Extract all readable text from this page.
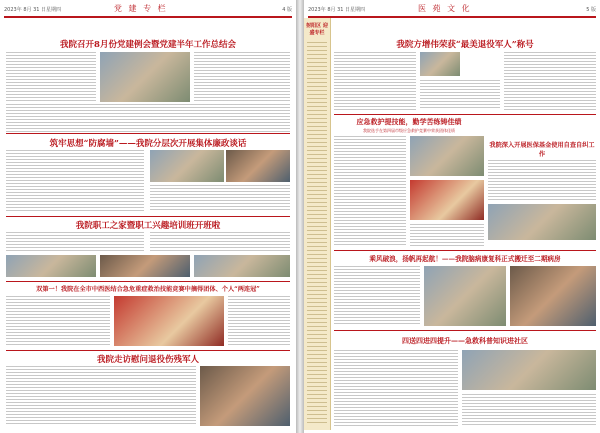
2023年 8月 31 日星期四	党 建 专 栏	4 版
我院召开8月份党建例会暨党建半年工作总结会
筑牢思想“防腐墙”——我院分层次开展集体廉政谈话
我院职工之家暨职工兴趣培训班开班啦
双第一！我院在全市中西医结合急危重症救治技能竞赛中摘得团体、个人“两连冠”
我院走访慰问退役伤残军人
2023年 8月 31 日星期四	医 苑 文 化	5 版
射阳区 迎盛专栏
我院方增伟荣获“最美退役军人”称号
应急救护提技能，勤学苦练铸佳绩
我院选手在第四届市级应急救护竞赛中荣获团体佳绩
我院深入开展医保基金使用自查自纠工作
乘风破浪，扬帆再起航！——我院脑病康复科正式搬迁至二期病房
四送四进四提升——急救科普知识进社区
